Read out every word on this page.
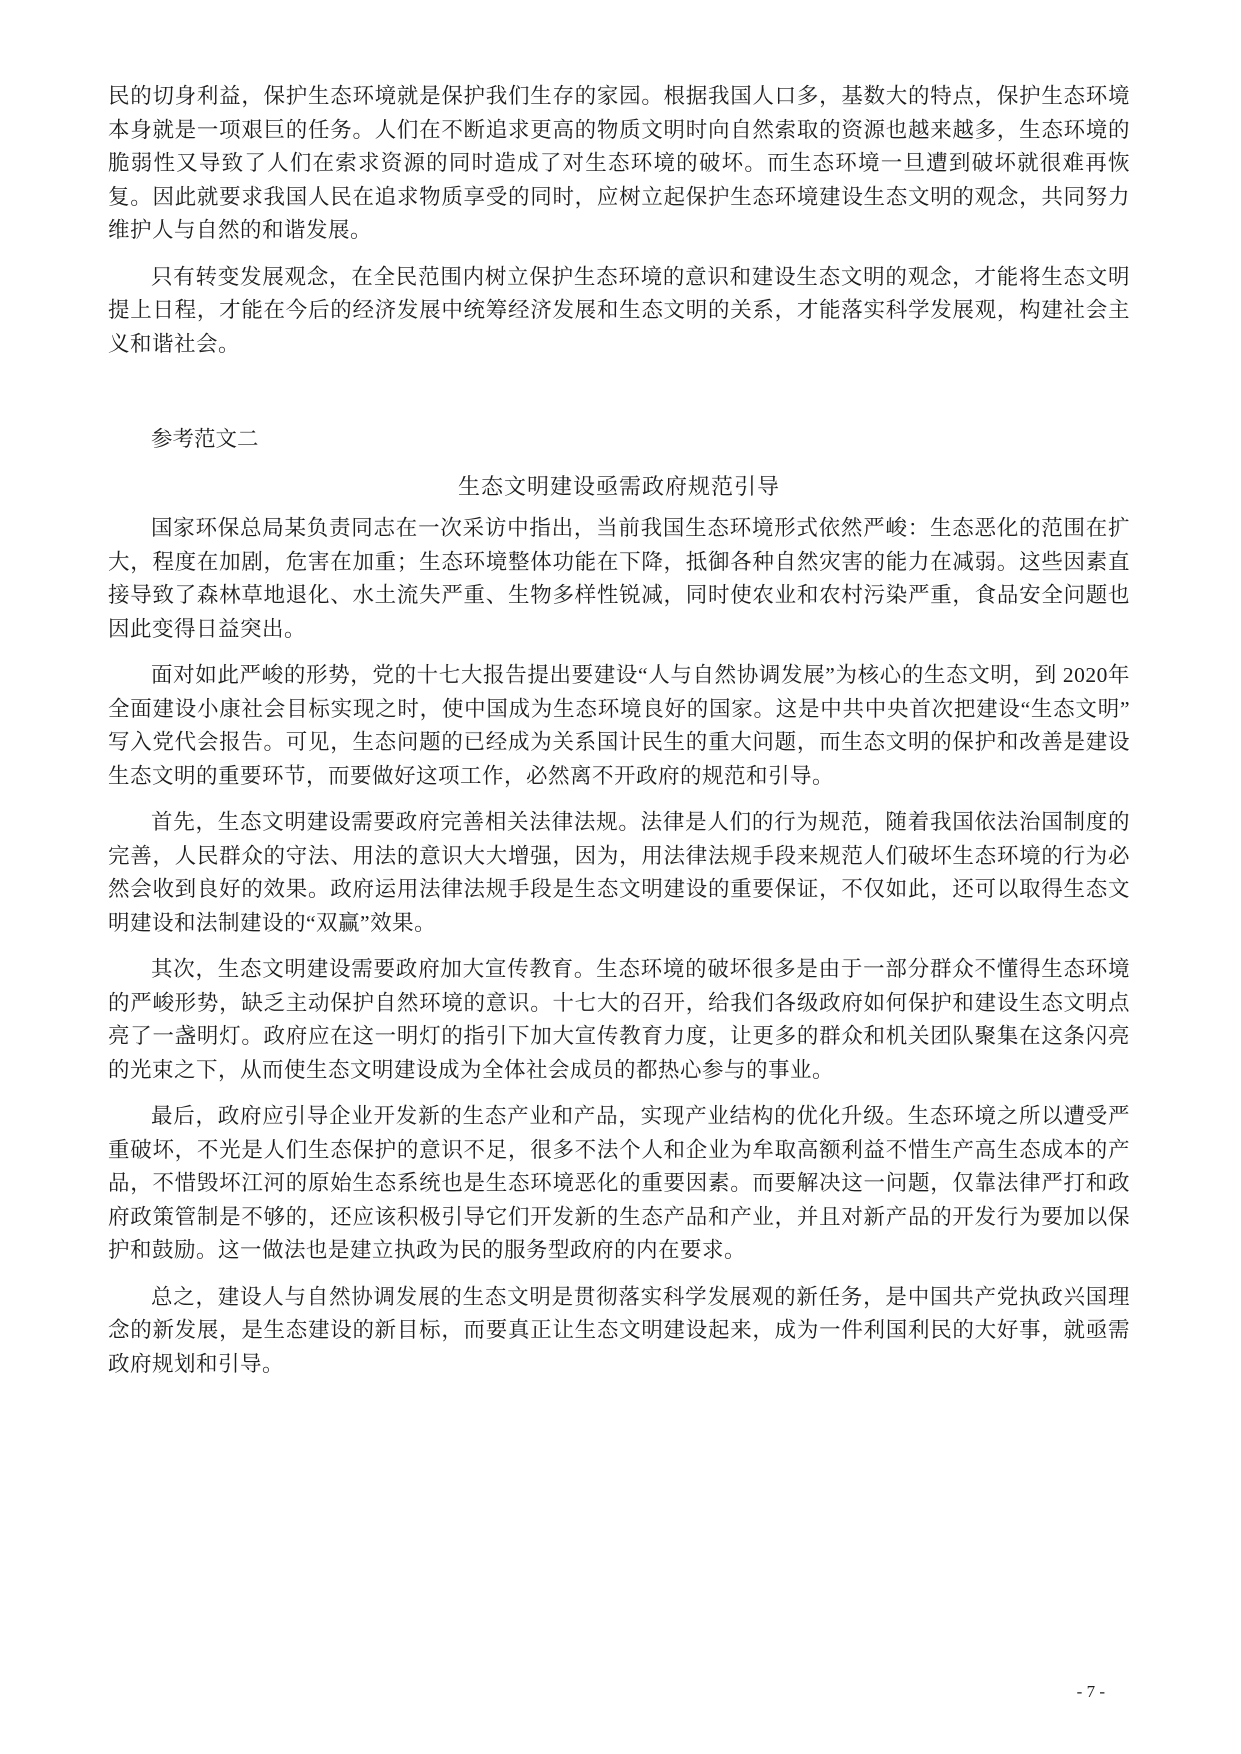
民的切身利益，保护生态环境就是保护我们生存的家园。根据我国人口多，基数大的特点，保护生态环境本身就是一项艰巨的任务。人们在不断追求更高的物质文明时向自然索取的资源也越来越多，生态环境的脆弱性又导致了人们在索求资源的同时造成了对生态环境的破坏。而生态环境一旦遭到破坏就很难再恢复。因此就要求我国人民在追求物质享受的同时，应树立起保护生态环境建设生态文明的观念，共同努力维护人与自然的和谐发展。

只有转变发展观念，在全民范围内树立保护生态环境的意识和建设生态文明的观念，才能将生态文明提上日程，才能在今后的经济发展中统筹经济发展和生态文明的关系，才能落实科学发展观，构建社会主义和谐社会。

参考范文二
生态文明建设亟需政府规范引导

国家环保总局某负责同志在一次采访中指出，当前我国生态环境形式依然严峻：生态恶化的范围在扩大，程度在加剧，危害在加重；生态环境整体功能在下降，抵御各种自然灾害的能力在减弱。这些因素直接导致了森林草地退化、水土流失严重、生物多样性锐减，同时使农业和农村污染严重，食品安全问题也因此变得日益突出。

面对如此严峻的形势，党的十七大报告提出要建设“人与自然协调发展”为核心的生态文明，到 2020年全面建设小康社会目标实现之时，使中国成为生态环境良好的国家。这是中共中央首次把建设“生态文明”写入党代会报告。可见，生态问题的已经成为关系国计民生的重大问题，而生态文明的保护和改善是建设生态文明的重要环节，而要做好这项工作，必然离不开政府的规范和引导。

首先，生态文明建设需要政府完善相关法律法规。法律是人们的行为规范，随着我国依法治国制度的完善，人民群众的守法、用法的意识大大增强，因为，用法律法规手段来规范人们破坏生态环境的行为必然会收到良好的效果。政府运用法律法规手段是生态文明建设的重要保证，不仅如此，还可以取得生态文明建设和法制建设的“双赢”效果。

其次，生态文明建设需要政府加大宣传教育。生态环境的破坏很多是由于一部分群众不懂得生态环境的严峻形势，缺乏主动保护自然环境的意识。十七大的召开，给我们各级政府如何保护和建设生态文明点亮了一盏明灯。政府应在这一明灯的指引下加大宣传教育力度，让更多的群众和机关团队聚集在这条闪亮的光束之下，从而使生态文明建设成为全体社会成员的都热心参与的事业。

最后，政府应引导企业开发新的生态产业和产品，实现产业结构的优化升级。生态环境之所以遭受严重破坏，不光是人们生态保护的意识不足，很多不法个人和企业为牟取高额利益不惜生产高生态成本的产品，不惜毁坏江河的原始生态系统也是生态环境恶化的重要因素。而要解决这一问题，仅靠法律严打和政府政策管制是不够的，还应该积极引导它们开发新的生态产品和产业，并且对新产品的开发行为要加以保护和鼓励。这一做法也是建立执政为民的服务型政府的内在要求。

总之，建设人与自然协调发展的生态文明是贯彻落实科学发展观的新任务，是中国共产党执政兴国理念的新发展，是生态建设的新目标，而要真正让生态文明建设起来，成为一件利国利民的大好事，就亟需政府规划和引导。

- 7 -
